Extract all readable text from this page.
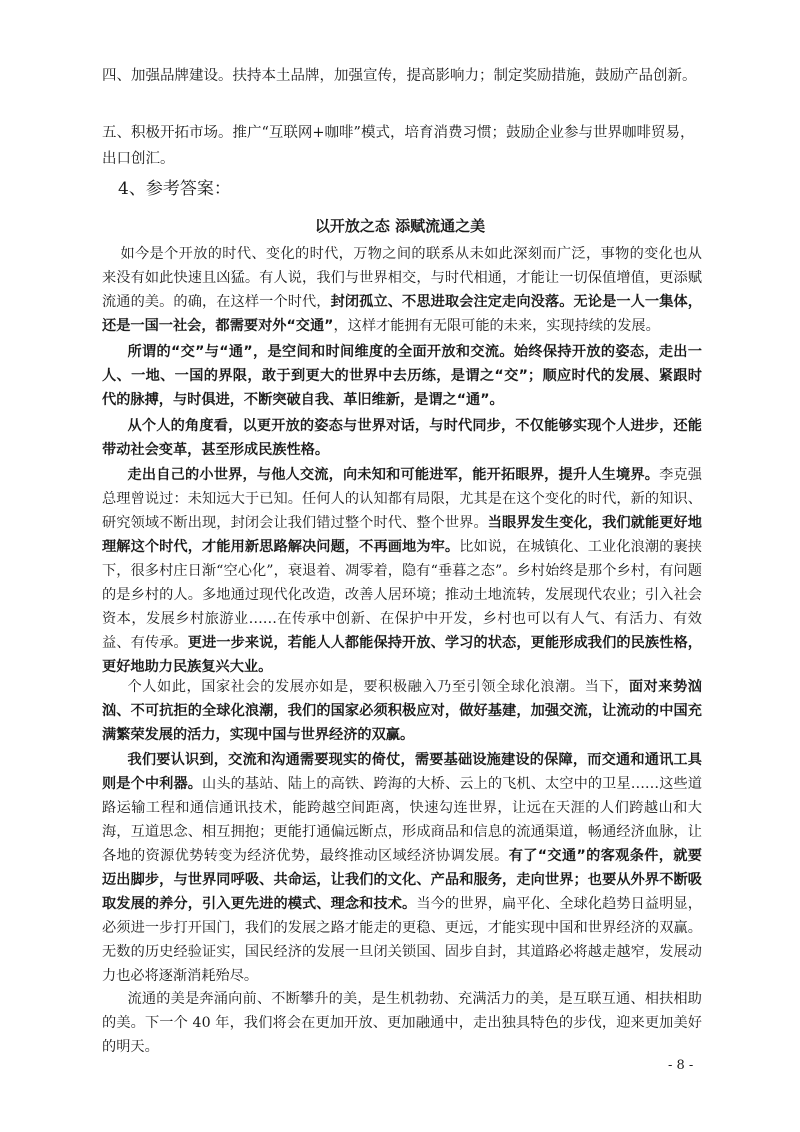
四、加强品牌建设。扶持本土品牌，加强宣传，提高影响力；制定奖励措施，鼓励产品创新。

五、积极开拓市场。推广“互联网+咖啡”模式，培育消费习惯；鼓励企业参与世界咖啡贸易，出口创汇。

4、参考答案：

以开放之态 添赋流通之美

如今是个开放的时代、变化的时代，万物之间的联系从未如此深刻而广泛，事物的变化也从来没有如此快速且凶猛。有人说，我们与世界相交，与时代相通，才能让一切保值增值，更添赋流通的美。的确，在这样一个时代，封闭孤立、不思进取会注定走向没落。无论是一人一集体，还是一国一社会，都需要对外“交通”，这样才能拥有无限可能的未来，实现持续的发展。

所谓的“交”与“通”，是空间和时间维度的全面开放和交流。始终保持开放的姿态，走出一人、一地、一国的界限，敢于到更大的世界中去历练，是谓之“交”；顺应时代的发展、紧跟时代的脉搏，与时俱进，不断突破自我、革旧维新，是谓之“通”。

从个人的角度看，以更开放的姿态与世界对话，与时代同步，不仅能够实现个人进步，还能带动社会变革，甚至形成民族性格。

走出自己的小世界，与他人交流，向未知和可能进军，能开拓眼界，提升人生境界。李克强总理曾说过：未知远大于已知。任何人的认知都有局限，尤其是在这个变化的时代，新的知识、研究领域不断出现，封闭会让我们错过整个时代、整个世界。当眼界发生变化，我们就能更好地理解这个时代，才能用新思路解决问题，不再画地为牢。比如说，在城镇化、工业化浪潮的裹挟下，很多村庄日渐“空心化”，衰退着、凋零着，隐有“垂暮之态”。乡村始终是那个乡村，有问题的是乡村的人。多地通过现代化改造，改善人居环境；推动土地流转，发展现代农业；引入社会资本，发展乡村旅游业……在传承中创新、在保护中开发，乡村也可以有人气、有活力、有效益、有传承。更进一步来说，若能人人都能保持开放、学习的状态，更能形成我们的民族性格，更好地助力民族复兴大业。

个人如此，国家社会的发展亦如是，要积极融入乃至引领全球化浪潮。当下，面对来势汹汹、不可抗拒的全球化浪潮，我们的国家必须积极应对，做好基建，加强交流，让流动的中国充满繁荣发展的活力，实现中国与世界经济的双赢。

我们要认识到，交流和沟通需要现实的倚仗，需要基础设施建设的保障，而交通和通讯工具则是个中利器。山头的基站、陆上的高铁、跨海的大桥、云上的飞机、太空中的卫星……这些道路运输工程和通信通讯技术，能跨越空间距离，快速勾连世界，让远在天涯的人们跨越山和大海，互道思念、相互拥抱；更能打通偏远断点，形成商品和信息的流通渠道，畅通经济血脉，让各地的资源优势转变为经济优势，最终推动区域经济协调发展。有了“交通”的客观条件，就要迈出脚步，与世界同呼吸、共命运，让我们的文化、产品和服务，走向世界；也要从外界不断吸取发展的养分，引入更先进的模式、理念和技术。当今的世界，扁平化、全球化趋势日益明显，必须进一步打开国门，我们的发展之路才能走的更稳、更远，才能实现中国和世界经济的双赢。无数的历史经验证实，国民经济的发展一旦闭关锁国、固步自封，其道路必将越走越窄，发展动力也必将逐渐消耗殆尽。

流通的美是奔涌向前、不断攀升的美，是生机勃勃、充满活力的美，是互联互通、相扶相助的美。下一个 40 年，我们将会在更加开放、更加融通中，走出独具特色的步伐，迎来更加美好的明天。

- 8 -
